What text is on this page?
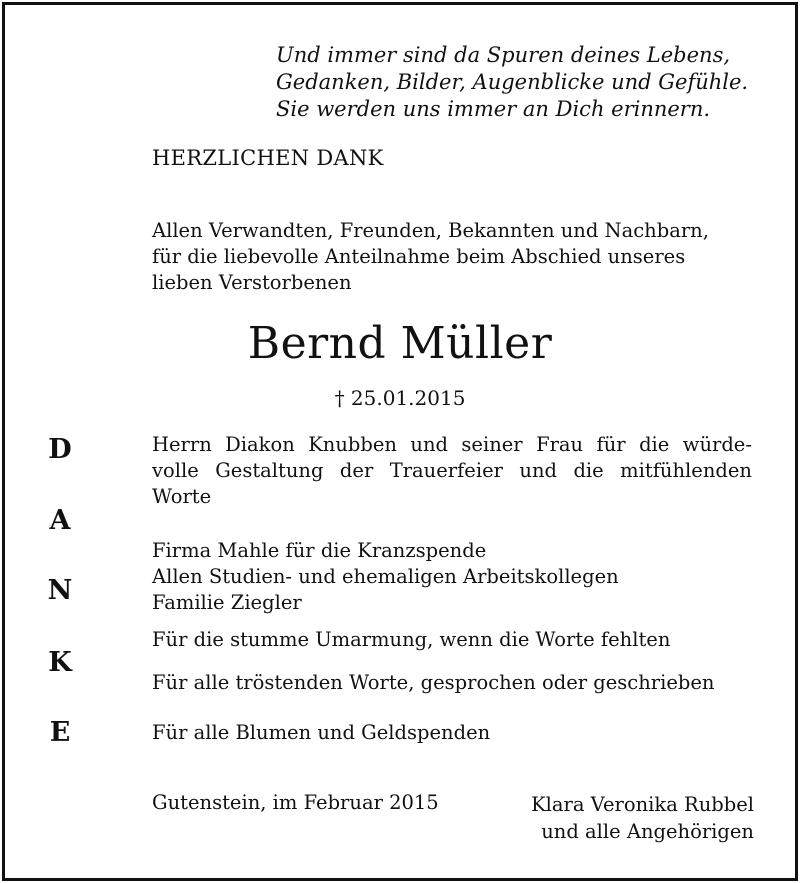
Und immer sind da Spuren deines Lebens,
Gedanken, Bilder, Augenblicke und Gefühle.
Sie werden uns immer an Dich erinnern.
HERZLICHEN DANK
Allen Verwandten, Freunden, Bekannten und Nachbarn,
für die liebevolle Anteilnahme beim Abschied unseres
lieben Verstorbenen
Bernd Müller
† 25.01.2015
D
A
N
K
E
Herrn Diakon Knubben und seiner Frau für die würde-
volle Gestaltung der Trauerfeier und die mitfühlenden
Worte
Firma Mahle für die Kranzspende
Allen Studien- und ehemaligen Arbeitskollegen
Familie Ziegler
Für die stumme Umarmung, wenn die Worte fehlten
Für alle tröstenden Worte, gesprochen oder geschrieben
Für alle Blumen und Geldspenden
Gutenstein, im Februar 2015	Klara Veronika Rubbel
und alle Angehörigen
